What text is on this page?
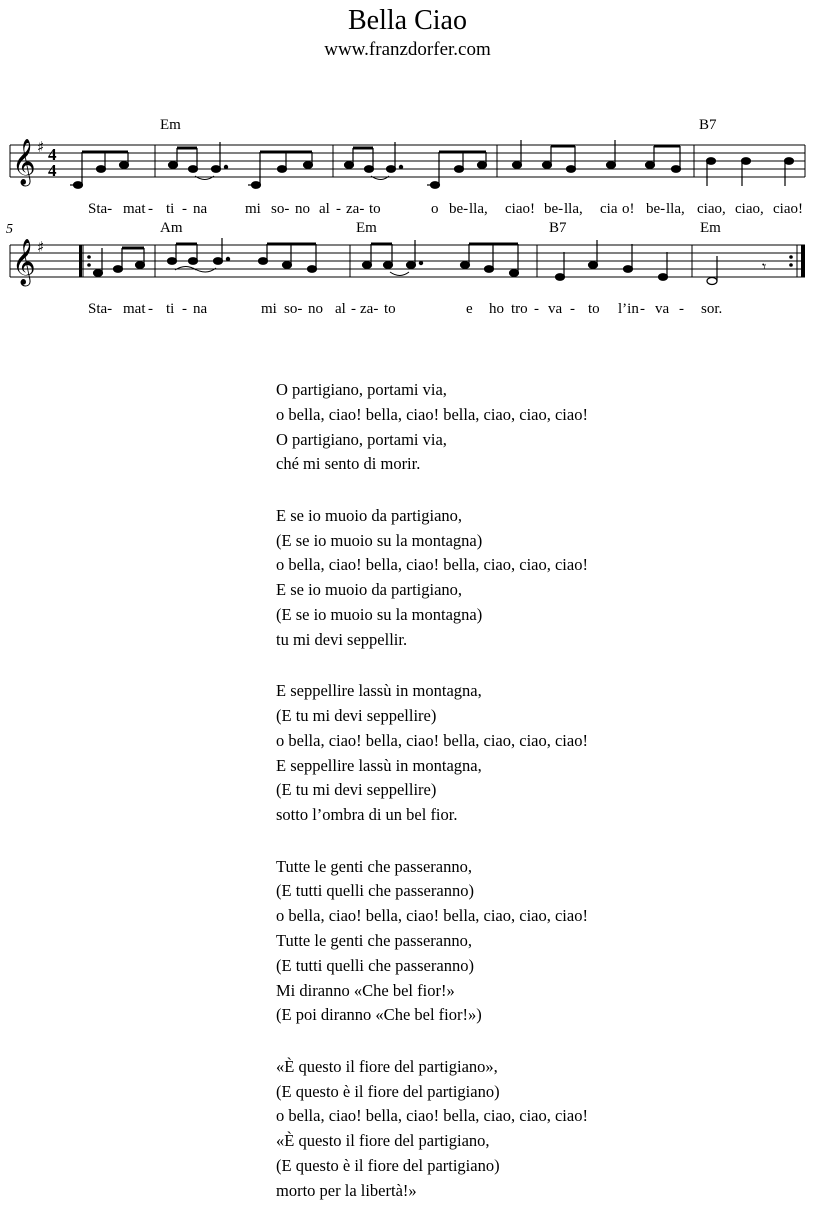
Bella Ciao
www.franzdorfer.com
𝄞
𝄞
♯
♯
4
4
𝄾
Em	B7
5	Am	Em	B7	Em
Sta- mat - ti - na	mi so- no al - za- to	o be- lla, ciao! be- lla, cia o! be- lla, ciao, ciao, ciao!
Sta- mat - ti - na	mi so- no al - za- to	e ho tro - va - to l’in - va - sor.
O partigiano, portami via,
o bella, ciao! bella, ciao! bella, ciao, ciao, ciao!
O partigiano, portami via,
ché mi sento di morir.
E se io muoio da partigiano,
(E se io muoio su la montagna)
o bella, ciao! bella, ciao! bella, ciao, ciao, ciao!
E se io muoio da partigiano,
(E se io muoio su la montagna)
tu mi devi seppellir.
E seppellire lassù in montagna,
(E tu mi devi seppellire)
o bella, ciao! bella, ciao! bella, ciao, ciao, ciao!
E seppellire lassù in montagna,
(E tu mi devi seppellire)
sotto l’ombra di un bel fior.
Tutte le genti che passeranno,
(E tutti quelli che passeranno)
o bella, ciao! bella, ciao! bella, ciao, ciao, ciao!
Tutte le genti che passeranno,
(E tutti quelli che passeranno)
Mi diranno «Che bel fior!»
(E poi diranno «Che bel fior!»)
«È questo il fiore del partigiano»,
(E questo è il fiore del partigiano)
o bella, ciao! bella, ciao! bella, ciao, ciao, ciao!
«È questo il fiore del partigiano,
(E questo è il fiore del partigiano)
morto per la libertà!»
